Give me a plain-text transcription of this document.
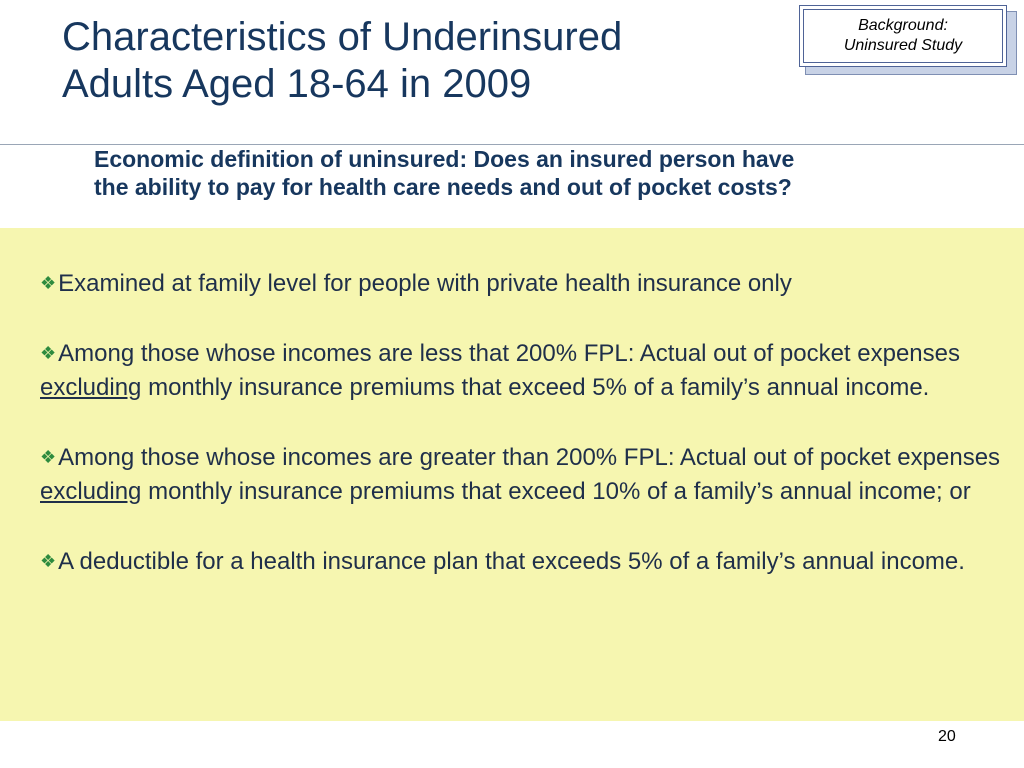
Characteristics of Underinsured
Adults Aged 18-64 in 2009
Background:
Uninsured Study
Economic definition of uninsured: Does an insured person have
the ability to pay for health care needs and out of pocket costs?
❖Examined at family level for people with private health insurance only
❖Among those whose incomes are less that 200% FPL: Actual out of pocket expenses excluding monthly insurance premiums that exceed 5% of a family’s annual income.
❖Among those whose incomes are greater than 200% FPL: Actual out of pocket expenses excluding monthly insurance premiums that exceed 10% of a family’s annual income; or
❖A deductible for a health insurance plan that exceeds 5% of a family’s annual income.
20
